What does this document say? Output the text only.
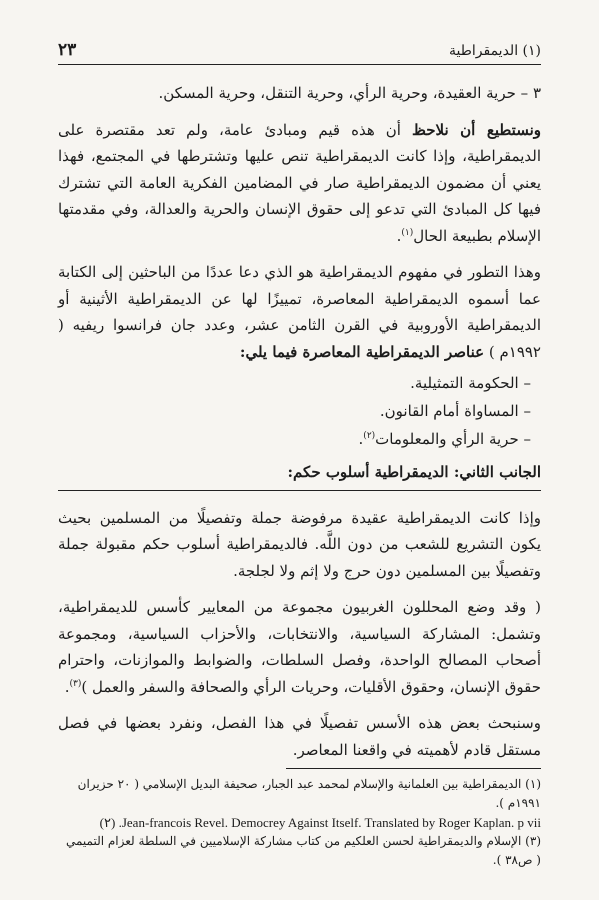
(١) الديمقراطية
٢٣

٣ – حرية العقيدة، وحرية الرأي، وحرية التنقل، وحرية المسكن.

ونستطيع أن نلاحظ أن هذه قيم ومبادئ عامة، ولم تعد مقتصرة على الديمقراطية، وإذا كانت الديمقراطية تنص عليها وتشترطها في المجتمع، فهذا يعني أن مضمون الديمقراطية صار في المضامين الفكرية العامة التي تشترك فيها كل المبادئ التي تدعو إلى حقوق الإنسان والحرية والعدالة، وفي مقدمتها الإسلام بطبيعة الحال$^{(١)}$.

وهذا التطور في مفهوم الديمقراطية هو الذي دعا عددًا من الباحثين إلى الكتابة عما أسموه الديمقراطية المعاصرة، تمييزًا لها عن الديمقراطية الأثينية أو الديمقراطية الأوروبية في القرن الثامن عشر، وعدد جان فرانسوا ريفيه ( ١٩٩٢م ) عناصر الديمقراطية المعاصرة فيما يلي:

– الحكومة التمثيلية.
– المساواة أمام القانون.
– حرية الرأي والمعلومات$^{(٢)}$.
الجانب الثاني: الديمقراطية أسلوب حكم:

وإذا كانت الديمقراطية عقيدة مرفوضة جملة وتفصيلًا من المسلمين بحيث يكون التشريع للشعب من دون اللَّه. فالديمقراطية أسلوب حكم مقبولة جملة وتفصيلًا بين المسلمين دون حرج ولا إثم ولا لجلجة.

( وقد وضع المحللون الغربيون مجموعة من المعايير كأسس للديمقراطية، وتشمل: المشاركة السياسية، والانتخابات، والأحزاب السياسية، ومجموعة أصحاب المصالح الواحدة، وفصل السلطات، والضوابط والموازنات، واحترام حقوق الإنسان، وحقوق الأقليات، وحريات الرأي والصحافة والسفر والعمل )$^{(٣)}$.

وسنبحث بعض هذه الأسس تفصيلًا في هذا الفصل، ونفرد بعضها في فصل مستقل قادم لأهميته في واقعنا المعاصر.

(١) الديمقراطية بين العلمانية والإسلام لمحمد عبد الجبار، صحيفة البديل الإسلامي ( ٢٠ حزيران ١٩٩١م ).
Jean-francois Revel. Democrey Against Itself. Translated by Roger Kaplan. p vii. (٢)
(٣) الإسلام والديمقراطية لحسن العلكيم من كتاب مشاركة الإسلاميين في السلطة لعزام التميمي ( ص٣٨ ).
